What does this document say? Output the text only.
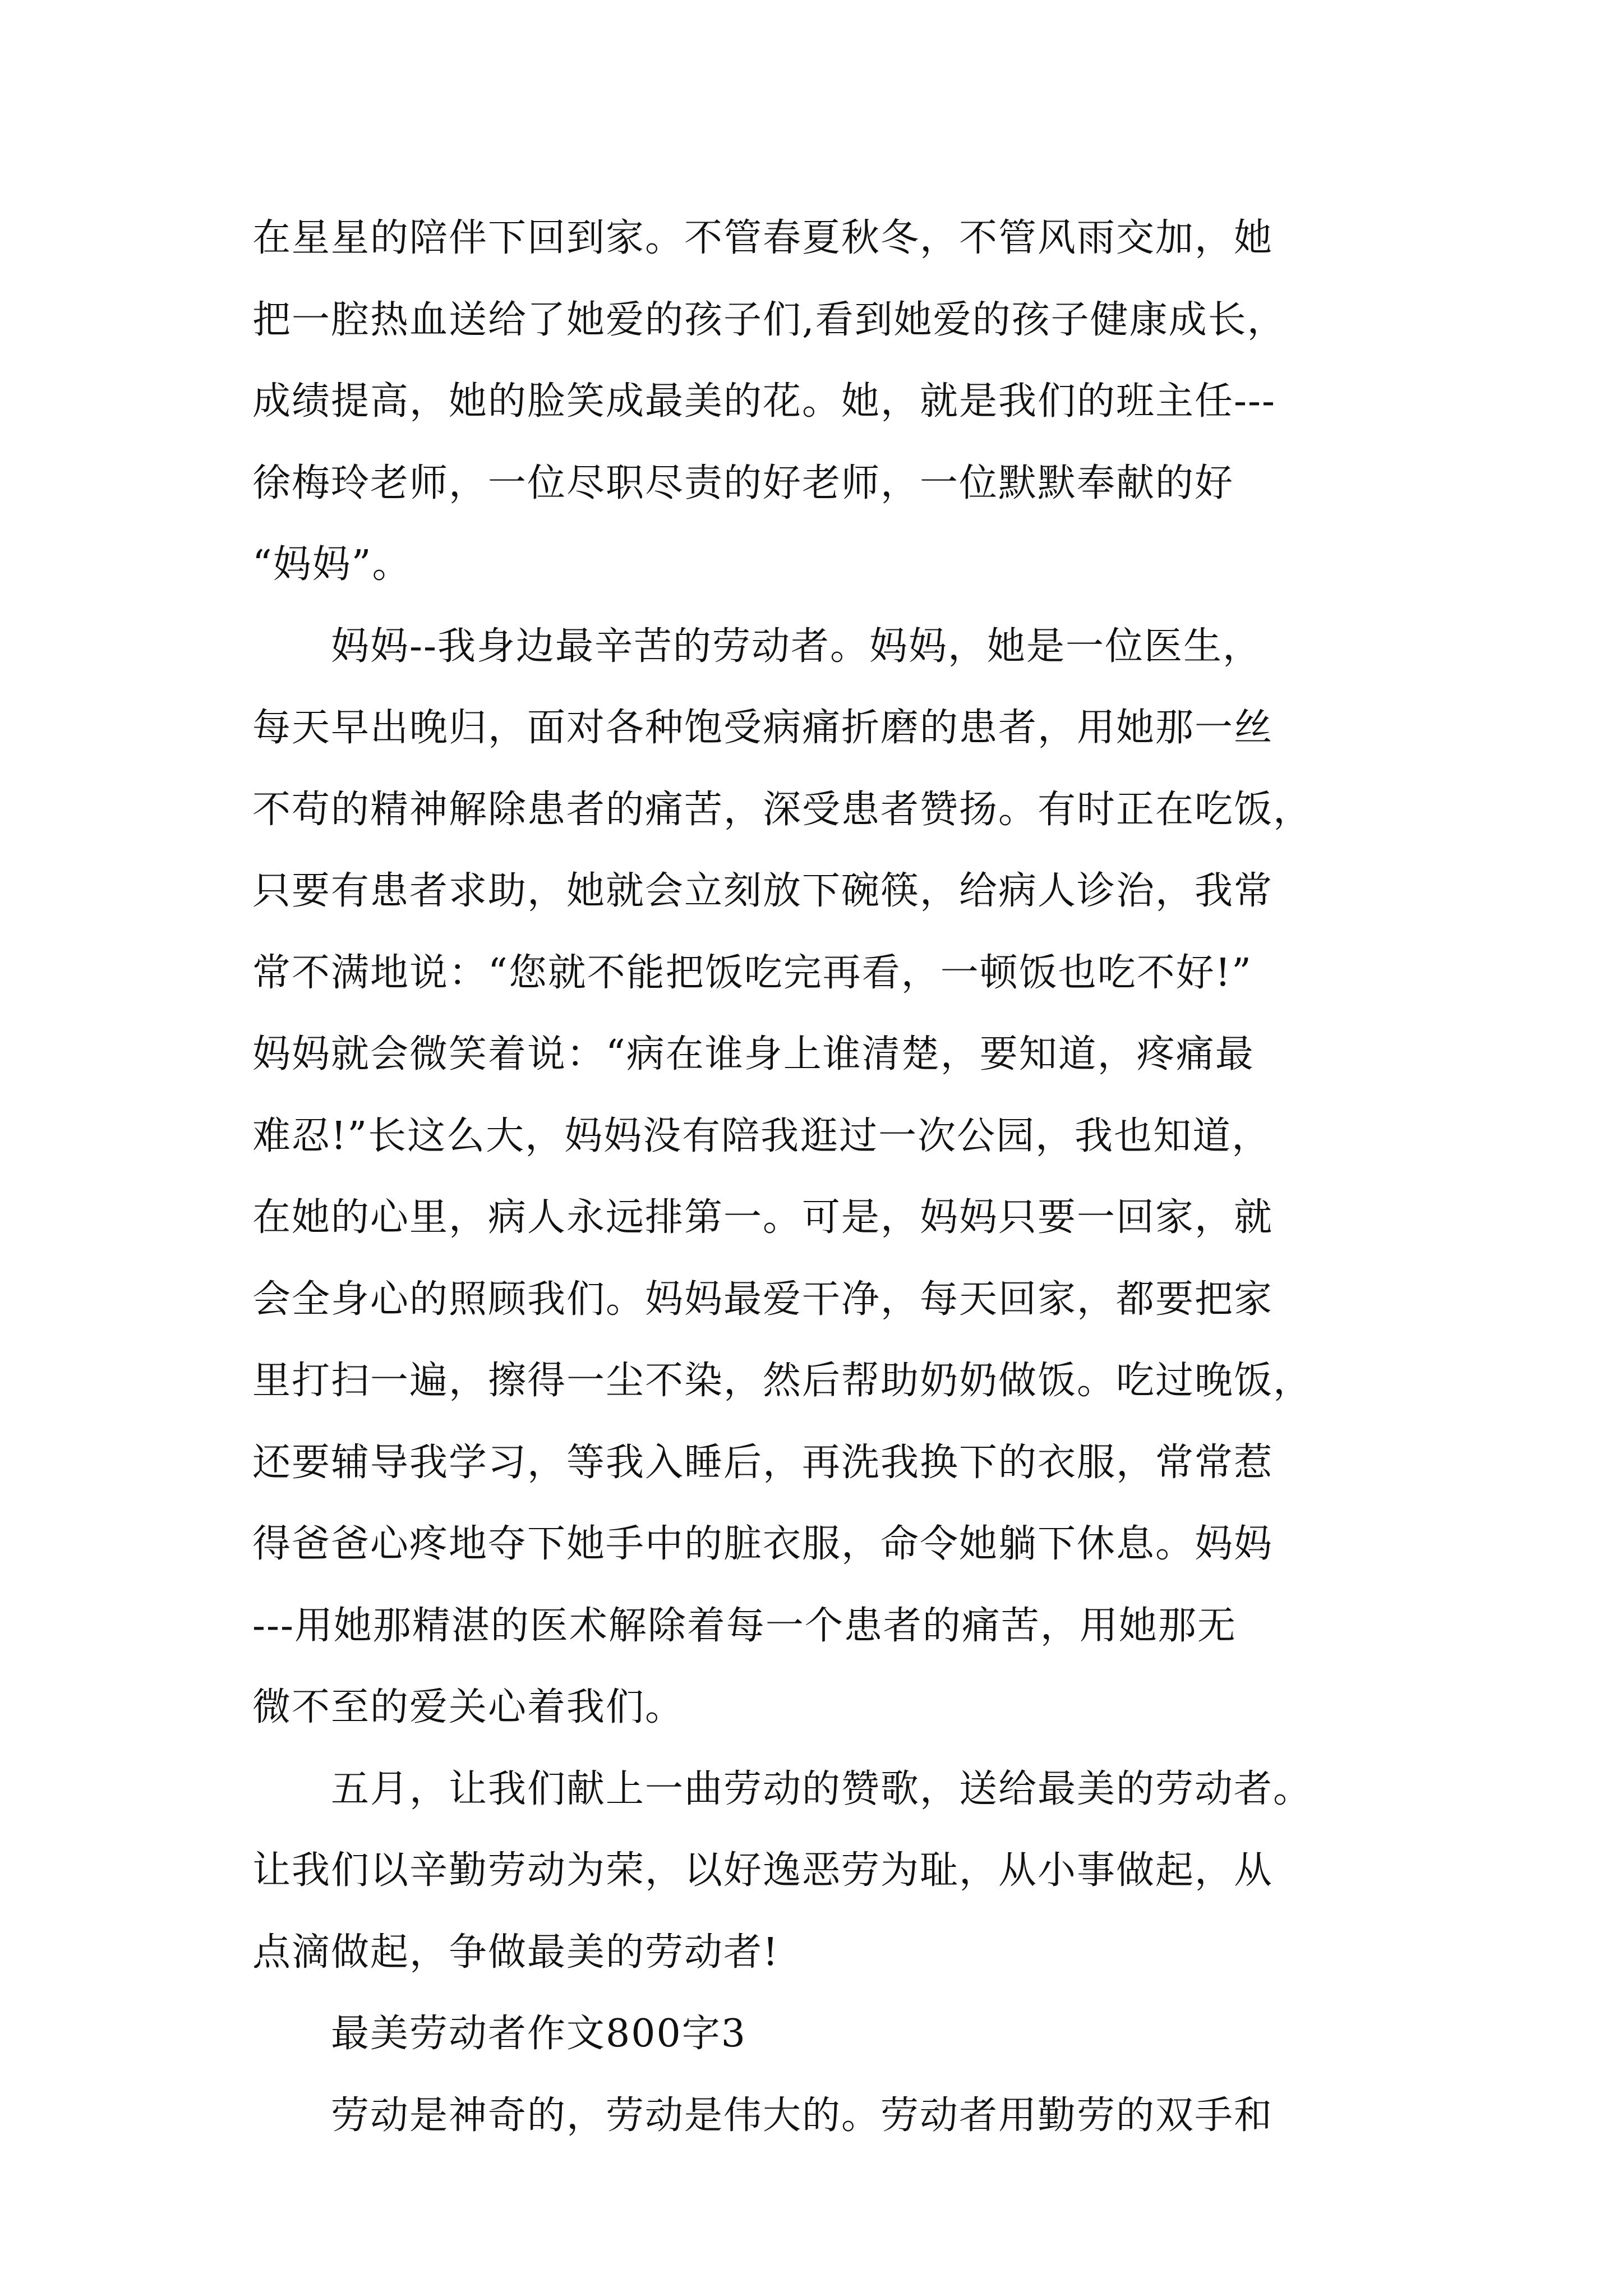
在星星的陪伴下回到家。不管春夏秋冬，不管风雨交加，她
把一腔热血送给了她爱的孩子们,看到她爱的孩子健康成长，
成绩提高，她的脸笑成最美的花。她，就是我们的班主任---
徐梅玲老师，一位尽职尽责的好老师，一位默默奉献的好
“妈妈”。
　　妈妈--我身边最辛苦的劳动者。妈妈，她是一位医生，
每天早出晚归，面对各种饱受病痛折磨的患者，用她那一丝
不苟的精神解除患者的痛苦，深受患者赞扬。有时正在吃饭，
只要有患者求助，她就会立刻放下碗筷，给病人诊治，我常
常不满地说：“您就不能把饭吃完再看，一顿饭也吃不好!”
妈妈就会微笑着说：“病在谁身上谁清楚，要知道，疼痛最
难忍!”长这么大，妈妈没有陪我逛过一次公园，我也知道，
在她的心里，病人永远排第一。可是，妈妈只要一回家，就
会全身心的照顾我们。妈妈最爱干净，每天回家，都要把家
里打扫一遍，擦得一尘不染，然后帮助奶奶做饭。吃过晚饭，
还要辅导我学习，等我入睡后，再洗我换下的衣服，常常惹
得爸爸心疼地夺下她手中的脏衣服，命令她躺下休息。妈妈
---用她那精湛的医术解除着每一个患者的痛苦，用她那无
微不至的爱关心着我们。
　　五月，让我们献上一曲劳动的赞歌，送给最美的劳动者。
让我们以辛勤劳动为荣，以好逸恶劳为耻，从小事做起，从
点滴做起，争做最美的劳动者!
　　最美劳动者作文800字3
　　劳动是神奇的，劳动是伟大的。劳动者用勤劳的双手和
